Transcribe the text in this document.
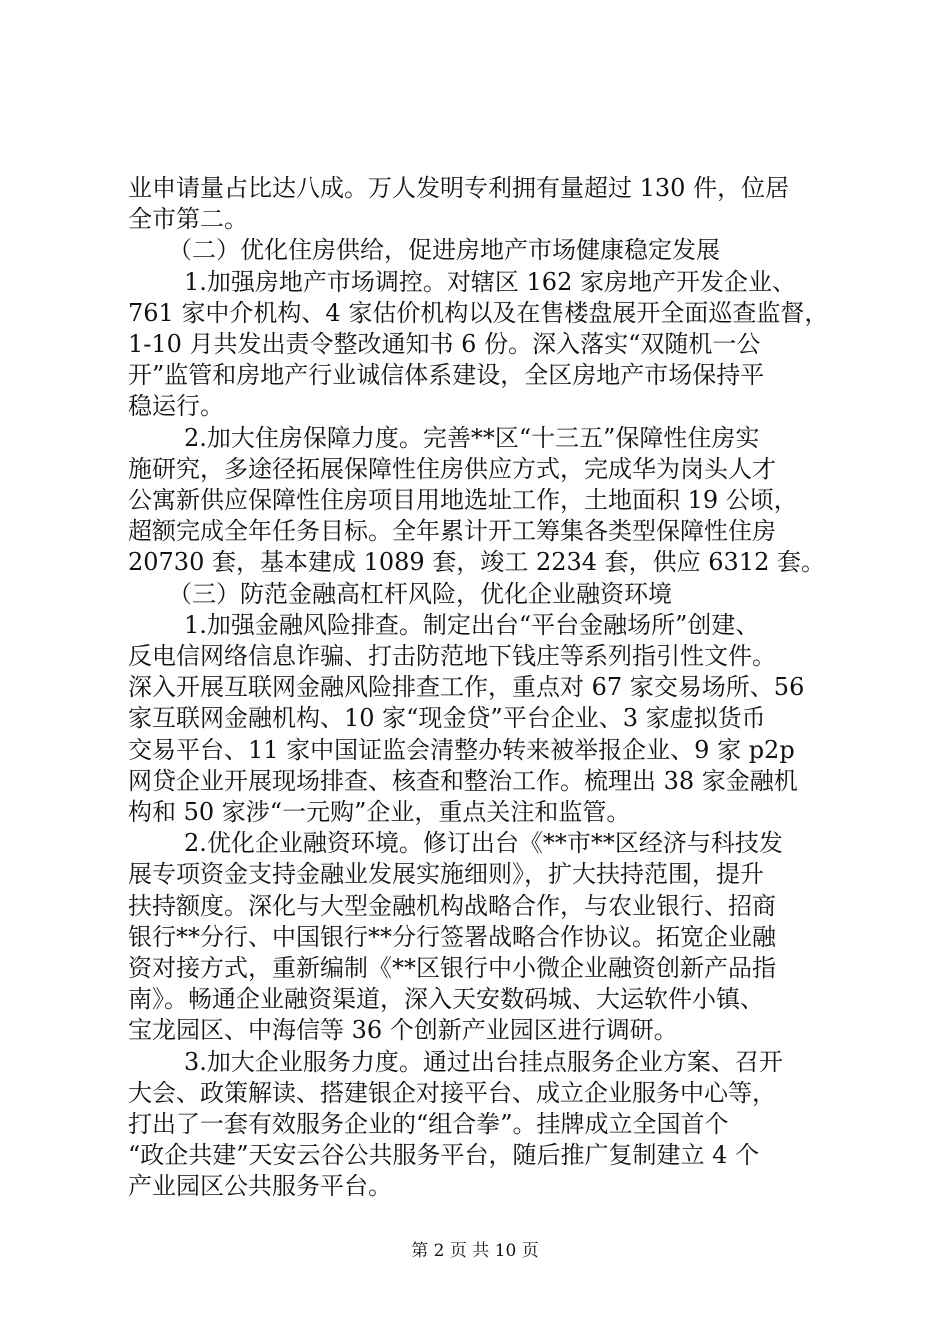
业申请量占比达八成。万人发明专利拥有量超过 130 件，位居
全市第二。
（二）优化住房供给，促进房地产市场健康稳定发展
1.加强房地产市场调控。对辖区 162 家房地产开发企业、
761 家中介机构、4 家估价机构以及在售楼盘展开全面巡查监督，
1-10 月共发出责令整改通知书 6 份。深入落实“双随机一公
开”监管和房地产行业诚信体系建设，全区房地产市场保持平
稳运行。
2.加大住房保障力度。完善**区“十三五”保障性住房实
施研究，多途径拓展保障性住房供应方式，完成华为岗头人才
公寓新供应保障性住房项目用地选址工作，土地面积 19 公顷，
超额完成全年任务目标。全年累计开工筹集各类型保障性住房
20730 套，基本建成 1089 套，竣工 2234 套，供应 6312 套。
（三）防范金融高杠杆风险，优化企业融资环境
1.加强金融风险排查。制定出台“平台金融场所”创建、
反电信网络信息诈骗、打击防范地下钱庄等系列指引性文件。
深入开展互联网金融风险排查工作，重点对 67 家交易场所、56
家互联网金融机构、10 家“现金贷”平台企业、3 家虚拟货币
交易平台、11 家中国证监会清整办转来被举报企业、9 家 p2p
网贷企业开展现场排查、核查和整治工作。梳理出 38 家金融机
构和 50 家涉“一元购”企业，重点关注和监管。
2.优化企业融资环境。修订出台《**市**区经济与科技发
展专项资金支持金融业发展实施细则》，扩大扶持范围，提升
扶持额度。深化与大型金融机构战略合作，与农业银行、招商
银行**分行、中国银行**分行签署战略合作协议。拓宽企业融
资对接方式，重新编制《**区银行中小微企业融资创新产品指
南》。畅通企业融资渠道，深入天安数码城、大运软件小镇、
宝龙园区、中海信等 36 个创新产业园区进行调研。
3.加大企业服务力度。通过出台挂点服务企业方案、召开
大会、政策解读、搭建银企对接平台、成立企业服务中心等，
打出了一套有效服务企业的“组合拳”。挂牌成立全国首个
“政企共建”天安云谷公共服务平台，随后推广复制建立 4 个
产业园区公共服务平台。
第 2 页 共 10 页
